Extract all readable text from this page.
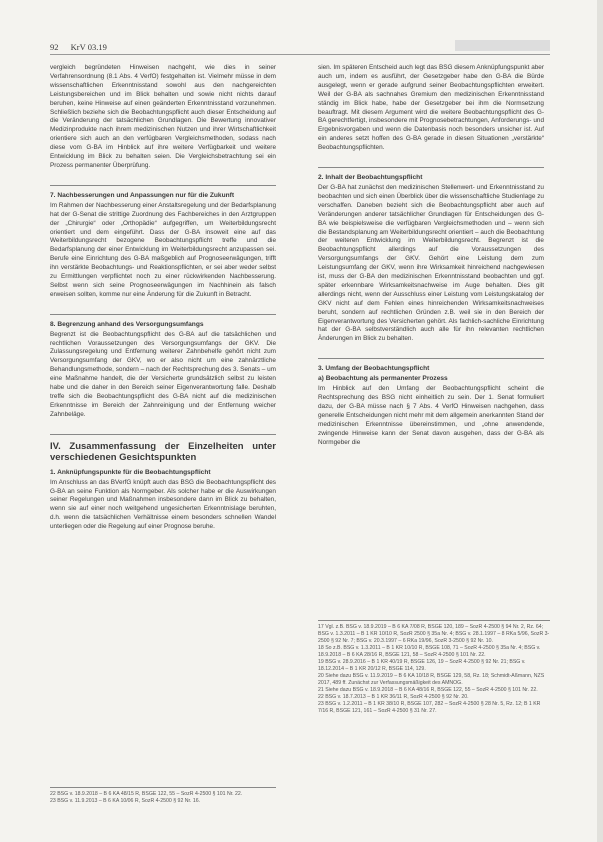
92 KrV 03.19

vergleich begründeten Hinweisen nachgeht, wie dies in seiner Verfahrensordnung (8.1 Abs. 4 VerfO) festgehalten ist. Vielmehr müsse in dem wissenschaftlichen Erkenntnisstand sowohl aus den nachgereichten Leistungsbereichen und im Blick behalten und sowie nicht nichts darauf beruhen, keine Hinweise auf einen geänderten Erkenntnisstand vorzunehmen. Schließlich beziehe sich die Beobachtungspflicht auch dieser Entscheidung auf die Veränderung der tatsächlichen Grundlagen. Die Bewertung innovativer Medizinprodukte nach ihrem medizinischen Nutzen und ihrer Wirtschaftlichkeit orientiere sich auch an den verfügbaren Vergleichsmethoden, sodass nach diese vom G-BA im Hinblick auf ihre weitere Verfügbarkeit und weitere Entwicklung im Blick zu behalten seien. Die Vergleichsbetrachtung sei ein Prozess permanenter Überprüfung.

7. Nachbesserungen und Anpassungen nur für die Zukunft

Im Rahmen der Nachbesserung einer Anstaltsregelung und der Bedarfsplanung hat der G-Senat die strittige Zuordnung des Fachbereiches in den Arztgruppen der „Chirurgie“ oder „Orthopädie“ aufgegriffen, um Weiterbildungsrecht orientiert und dem eingeführt. Dass der G-BA insoweit eine auf das Weiterbildungsrecht bezogene Beobachtungspflicht treffe und die Bedarfsplanung der einer Entwicklung im Weiterbildungsrecht anzupassen sei. Berufe eine Einrichtung des G-BA maßgeblich auf Prognoseerwägungen, trifft ihn verstärkte Beobachtungs- und Reaktionspflichten, er sei aber weder selbst zu Ermittlungen verpflichtet noch zu einer rückwirkenden Nachbesserung. Selbst wenn sich seine Prognoseerwägungen im Nachhinein als falsch erweisen sollten, komme nur eine Änderung für die Zukunft in Betracht.

8. Begrenzung anhand des Versorgungsumfangs

Begrenzt ist die Beobachtungspflicht des G-BA auf die tatsächlichen und rechtlichen Voraussetzungen des Versorgungsumfangs der GKV. Die Zulassungsregelung und Entfernung weiterer Zahnbehelfe gehört nicht zum Versorgungsumfang der GKV, wo er also nicht um eine zahnärztliche Behandlungsmethode, sondern – nach der Rechtsprechung des 3. Senats – um eine Maßnahme handelt, die der Versicherte grundsätzlich selbst zu leisten habe und die daher in den Bereich seiner Eigenverantwortung falle. Deshalb treffe sich die Beobachtungspflicht des G-BA nicht auf die medizinischen Erkenntnisse im Bereich der Zahnreinigung und der Entfernung weicher Zahnbeläge.

IV. Zusammenfassung der Einzelheiten unter verschiedenen Gesichtspunkten
1. Anknüpfungspunkte für die Beobachtungspflicht

Im Anschluss an das BVerfG knüpft auch das BSG die Beobachtungspflicht des G-BA an seine Funktion als Normgeber. Als solcher habe er die Auswirkungen seiner Regelungen und Maßnahmen insbesondere dann im Blick zu behalten, wenn sie auf einer noch weitgehend ungesicherten Erkenntnislage beruhten, d.h. wenn die tatsächlichen Verhältnisse einem besonders schnellen Wandel unterliegen oder die Regelung auf einer Prognose beruhe.

22 BSG v. 18.9.2018 – B 6 KA 48/15 R, BSGE 122, 55 – SozR 4-2500 § 101 Nr. 22.

23 BSG v. 11.9.2013 – B 6 KA 10/06 R, SozR 4-2500 § 92 Nr. 16.

sien. Im späteren Entscheid auch legt das BSG diesem Anknüpfungspunkt aber auch um, indem es ausführt, der Gesetzgeber habe den G-BA die Bürde ausgelegt, wenn er gerade aufgrund seiner Beobachtungspflichten erweitert. Weil der G-BA als sachnahes Gremium den medizinischen Erkenntnisstand ständig im Blick habe, habe der Gesetzgeber bei ihm die Normsetzung beauftragt. Mit diesem Argument wird die weitere Beobachtungspflicht des G-BA gerechtfertigt, insbesondere mit Prognosebetrachtungen, Anforderungs- und Ergebnisvorgaben und wenn die Datenbasis noch besonders unsicher ist. Auf ein anderes setzt hoffen des G-BA gerade in diesen Situationen „verstärkte“ Beobachtungspflichten.

2. Inhalt der Beobachtungspflicht

Der G-BA hat zunächst den medizinischen Stellenwert- und Erkenntnisstand zu beobachten und sich einen Überblick über die wissenschaftliche Studienlage zu verschaffen. Daneben bezieht sich die Beobachtungspflicht aber auch auf Veränderungen anderer tatsächlicher Grundlagen für Entscheidungen des G-BA wie beispielsweise die verfügbaren Vergleichsmethoden und – wenn sich die Bestandsplanung am Weiterbildungsrecht orientiert – auch die Beobachtung der weiteren Entwicklung im Weiterbildungsrecht. Begrenzt ist die Beobachtungspflicht allerdings auf die Voraussetzungen des Versorgungsumfangs der GKV. Gehört eine Leistung dem zum Leistungsumfang der GKV, wenn ihre Wirksamkeit hinreichend nachgewiesen ist, muss der G-BA den medizinischen Erkenntnisstand beobachten und ggf. später erkennbare Wirksamkeitsnachweise im Auge behalten. Dies gilt allerdings nicht, wenn der Ausschluss einer Leistung vom Leistungskatalog der GKV nicht auf dem Fehlen eines hinreichenden Wirksamkeitsnachweises beruht, sondern auf rechtlichen Gründen z.B. weil sie in den Bereich der Eigenverantwortung des Versicherten gehört. Als fachlich-sachliche Einrichtung hat der G-BA selbstverständlich auch alle für ihn relevanten rechtlichen Änderungen im Blick zu behalten.

3. Umfang der Beobachtungspflicht
a) Beobachtung als permanenter Prozess

Im Hinblick auf den Umfang der Beobachtungspflicht scheint die Rechtsprechung des BSG nicht einheitlich zu sein. Der 1. Senat formuliert dazu, der G-BA müsse nach § 7 Abs. 4 VerfO Hinweisen nachgehen, dass generelle Entscheidungen nicht mehr mit dem allgemein anerkannten Stand der medizinischen Erkenntnisse übereinstimmen, und „ohne anwendende, zwingende Hinweise kann der Senat davon ausgehen, dass der G-BA als Normgeber die

17 Vgl. z.B. BSG v. 18.9.2019 – B 6 KA 7/08 R, BSGE 120, 189 – SozR 4-2500 § 94 Nr. 2, Rz. 64; BSG v. 1.3.2011 – B 1 KR 10/10 R, SozR 2500 § 35a Nr. 4; BSG v. 28.1.1997 – 8 RKa 5/96, SozR 3-2500 § 92 Nr. 7; BSG v. 20.3.1997 – 6 RKa 19/96, SozR 3-2500 § 92 Nr. 10.

18 So z.B. BSG v. 1.3.2011 – B 1 KR 10/10 R, BSGE 108, 71 – SozR 4-2500 § 35a Nr. 4; BSG v. 18.9.2018 – B 6 KA 28/16 R, BSGE 121, 58 – SozR 4-2500 § 101 Nr. 22.

19 BSG v. 28.9.2016 – B 1 KR 40/19 R, BSGE 126, 19 – SozR 4-2500 § 92 Nr. 21; BSG v. 18.12.2014 – B 1 KR 20/12 R, BSGE 114, 129.

20 Siehe dazu BSG v. 11.9.2019 – B 6 KA 10/18 R, BSGE 129, 58, Rz. 18; Schmidt-Aßmann, NZS 2017, 489 ff. Zunächst zur Verfassungsmäßigkeit des AMNOG.

21 Siehe dazu BSG v. 18.9.2018 – B 6 KA 48/16 R, BSGE 122, 55 – SozR 4-2500 § 101 Nr. 22.

22 BSG v. 18.7.2013 – B 1 KR 36/11 R, SozR 4-2500 § 92 Nr. 20.

23 BSG v. 1.2.2011 – B 1 KR 38/10 R, BSGE 107, 282 – SozR 4-2500 § 28 Nr. 5, Rz. 12; B 1 KR 7/16 R, BSGE 121, 161 – SozR 4-2500 § 31 Nr. 27.
